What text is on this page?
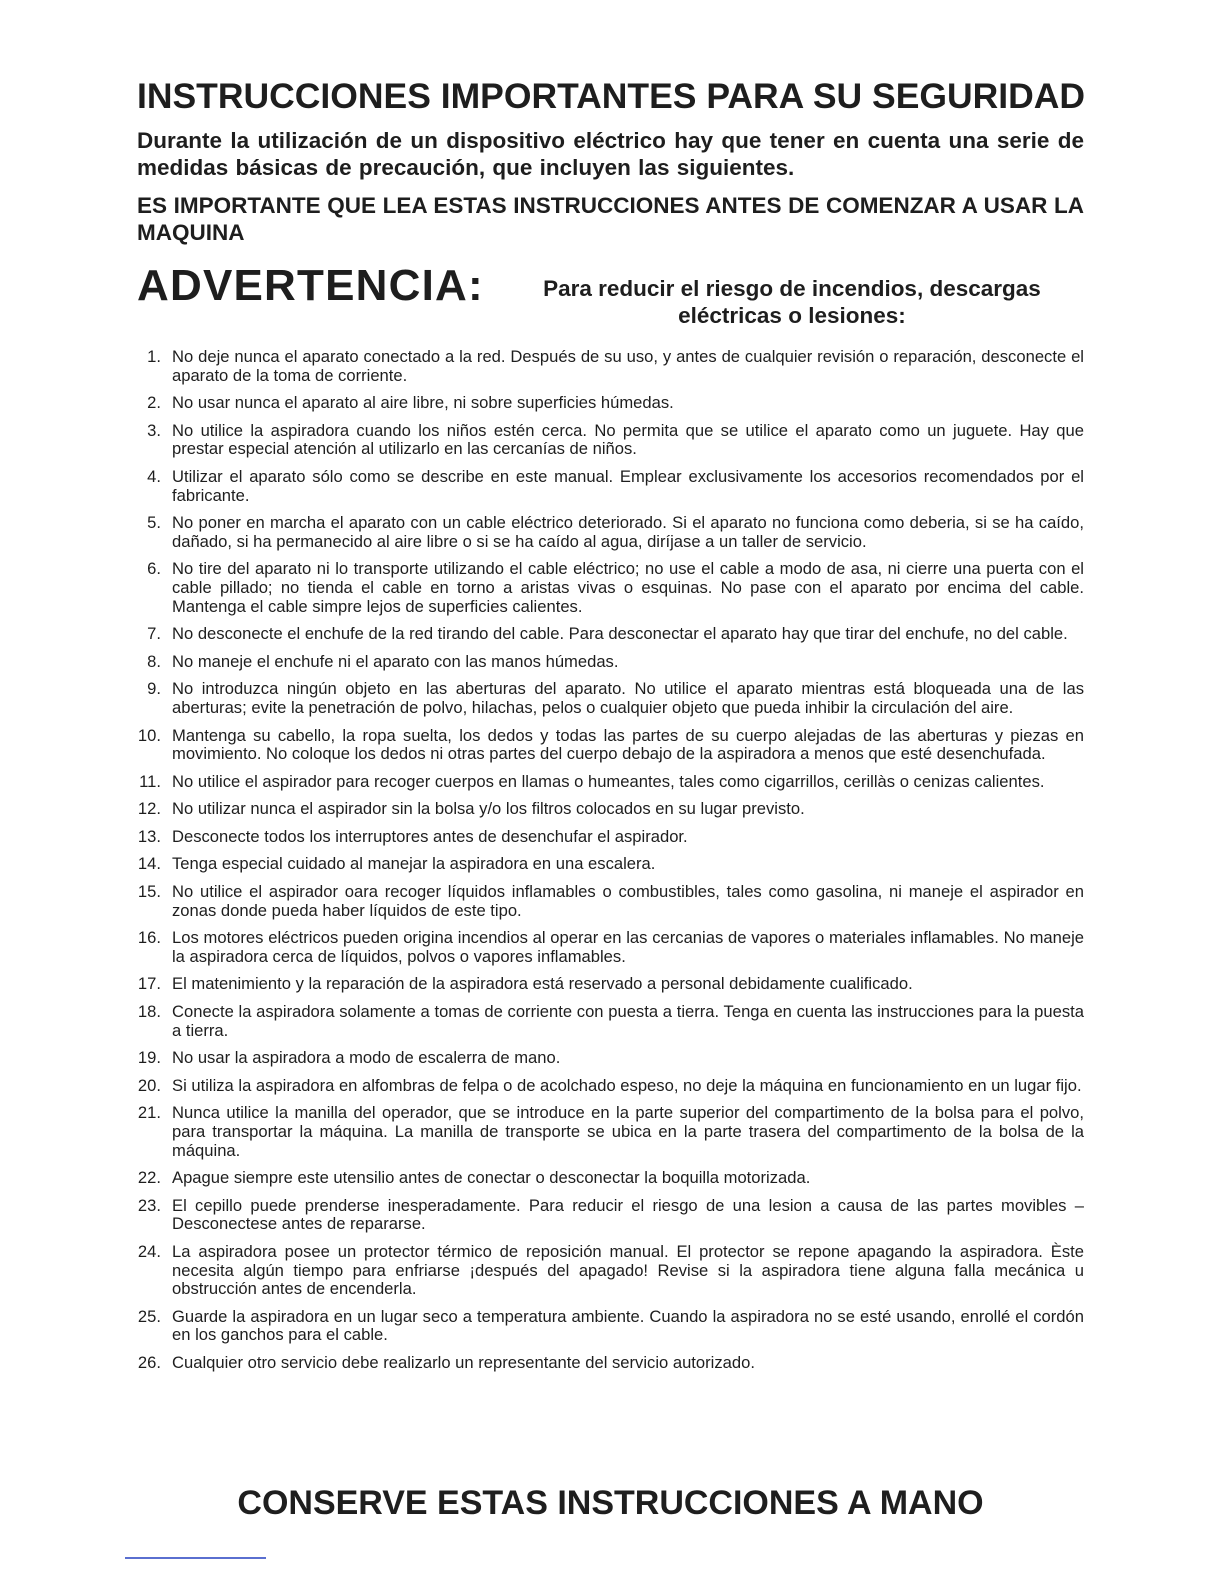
INSTRUCCIONES IMPORTANTES PARA SU SEGURIDAD

Durante la utilización de un dispositivo eléctrico hay que tener en cuenta una serie de medidas básicas de precaución, que incluyen las siguientes.

ES IMPORTANTE QUE LEA ESTAS INSTRUCCIONES ANTES DE COMENZAR A USAR LA MAQUINA

ADVERTENCIA:	Para reducir el riesgo de incendios, descargas eléctricas o lesiones:
1. No deje nunca el aparato conectado a la red. Después de su uso, y antes de cualquier revisión o reparación, desconecte el aparato de la toma de corriente.
2. No usar nunca el aparato al aire libre, ni sobre superficies húmedas.
3. No utilice la aspiradora cuando los niños estén cerca. No permita que se utilice el aparato como un juguete. Hay que prestar especial atención al utilizarlo en las cercanías de niños.
4. Utilizar el aparato sólo como se describe en este manual. Emplear exclusivamente los accesorios recomendados por el fabricante.
5. No poner en marcha el aparato con un cable eléctrico deteriorado. Si el aparato no funciona como deberia, si se ha caído, dañado, si ha permanecido al aire libre o si se ha caído al agua, diríjase a un taller de servicio.
6. No tire del aparato ni lo transporte utilizando el cable eléctrico; no use el cable a modo de asa, ni cierre una puerta con el cable pillado; no tienda el cable en torno a aristas vivas o esquinas. No pase con el aparato por encima del cable. Mantenga el cable simpre lejos de superficies calientes.
7. No desconecte el enchufe de la red tirando del cable. Para desconectar el aparato hay que tirar del enchufe, no del cable.
8. No maneje el enchufe ni el aparato con las manos húmedas.
9. No introduzca ningún objeto en las aberturas del aparato. No utilice el aparato mientras está bloqueada una de las aberturas; evite la penetración de polvo, hilachas, pelos o cualquier objeto que pueda inhibir la circulación del aire.
10. Mantenga su cabello, la ropa suelta, los dedos y todas las partes de su cuerpo alejadas de las aberturas y piezas en movimiento. No coloque los dedos ni otras partes del cuerpo debajo de la aspiradora a menos que esté desenchufada.
11. No utilice el aspirador para recoger cuerpos en llamas o humeantes, tales como cigarrillos, cerillàs o cenizas calientes.
12. No utilizar nunca el aspirador sin la bolsa y/o los filtros colocados en su lugar previsto.
13. Desconecte todos los interruptores antes de desenchufar el aspirador.
14. Tenga especial cuidado al manejar la aspiradora en una escalera.
15. No utilice el aspirador oara recoger líquidos inflamables o combustibles, tales como gasolina, ni maneje el aspirador en zonas donde pueda haber líquidos de este tipo.
16. Los motores eléctricos pueden origina incendios al operar en las cercanias de vapores o materiales inflamables. No maneje la aspiradora cerca de líquidos, polvos o vapores inflamables.
17. El matenimiento y la reparación de la aspiradora está reservado a personal debidamente cualificado.
18. Conecte la aspiradora solamente a tomas de corriente con puesta a tierra. Tenga en cuenta las instrucciones para la puesta a tierra.
19. No usar la aspiradora a modo de escalerra de mano.
20. Si utiliza la aspiradora en alfombras de felpa o de acolchado espeso, no deje la máquina en funcionamiento en un lugar fijo.
21. Nunca utilice la manilla del operador, que se introduce en la parte superior del compartimento de la bolsa para el polvo, para transportar la máquina. La manilla de transporte se ubica en la parte trasera del compartimento de la bolsa de la máquina.
22. Apague siempre este utensilio antes de conectar o desconectar la boquilla motorizada.
23. El cepillo puede prenderse inesperadamente. Para reducir el riesgo de una lesion a causa de las partes movibles – Desconectese antes de repararse.
24. La aspiradora posee un protector térmico de reposición manual. El protector se repone apagando la aspiradora. Èste necesita algún tiempo para enfriarse ¡después del apagado! Revise si la aspiradora tiene alguna falla mecánica u obstrucción antes de encenderla.
25. Guarde la aspiradora en un lugar seco a temperatura ambiente. Cuando la aspiradora no se esté usando, enrollé el cordón en los ganchos para el cable.
26. Cualquier otro servicio debe realizarlo un representante del servicio autorizado.
CONSERVE ESTAS INSTRUCCIONES A MANO
